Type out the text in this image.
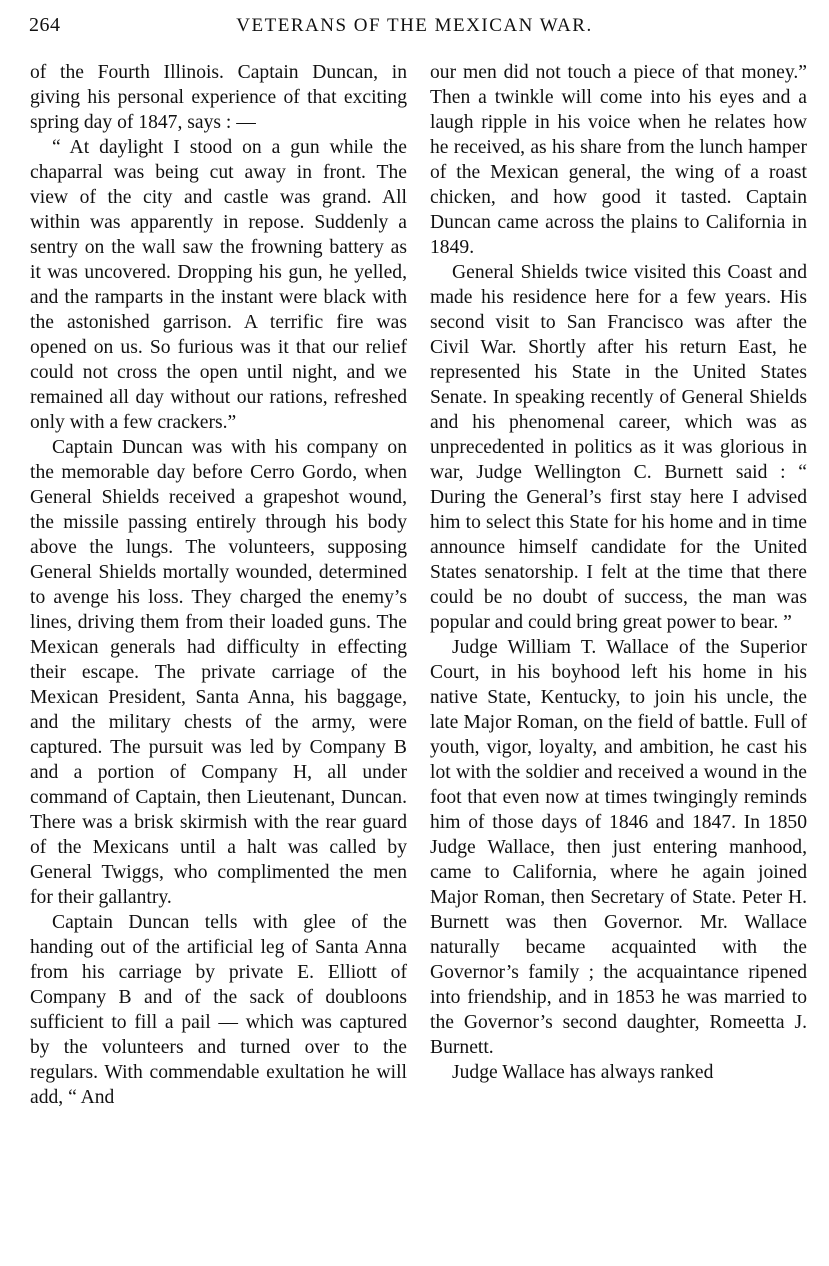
264	VETERANS OF THE MEXICAN WAR.

of the Fourth Illinois. Captain Duncan, in giving his personal experience of that exciting spring day of 1847, says : —

“ At daylight I stood on a gun while the chaparral was being cut away in front. The view of the city and castle was grand. All within was apparently in repose. Suddenly a sentry on the wall saw the frowning battery as it was uncovered. Dropping his gun, he yelled, and the ramparts in the instant were black with the astonished garrison. A terrific fire was opened on us. So furious was it that our relief could not cross the open until night, and we remained all day without our rations, refreshed only with a few crackers.”

Captain Duncan was with his company on the memorable day before Cerro Gordo, when General Shields received a grapeshot wound, the missile passing entirely through his body above the lungs. The volunteers, supposing General Shields mortally wounded, determined to avenge his loss. They charged the enemy’s lines, driving them from their loaded guns. The Mexican generals had difficulty in effecting their escape. The private carriage of the Mexican President, Santa Anna, his baggage, and the military chests of the army, were captured. The pursuit was led by Company B and a portion of Company H, all under command of Captain, then Lieutenant, Duncan. There was a brisk skirmish with the rear guard of the Mexicans until a halt was called by General Twiggs, who complimented the men for their gallantry.

Captain Duncan tells with glee of the handing out of the artificial leg of Santa Anna from his carriage by private E. Elliott of Company B and of the sack of doubloons sufficient to fill a pail — which was captured by the volunteers and turned over to the regulars. With commendable exultation he will add, “ And

our men did not touch a piece of that money.” Then a twinkle will come into his eyes and a laugh ripple in his voice when he relates how he received, as his share from the lunch hamper of the Mexican general, the wing of a roast chicken, and how good it tasted. Captain Duncan came across the plains to California in 1849.

General Shields twice visited this Coast and made his residence here for a few years. His second visit to San Francisco was after the Civil War. Shortly after his return East, he represented his State in the United States Senate. In speaking recently of General Shields and his phenomenal career, which was as unprecedented in politics as it was glorious in war, Judge Wellington C. Burnett said : “ During the General’s first stay here I advised him to select this State for his home and in time announce himself candidate for the United States senatorship. I felt at the time that there could be no doubt of success, the man was popular and could bring great power to bear. ”

Judge William T. Wallace of the Superior Court, in his boyhood left his home in his native State, Kentucky, to join his uncle, the late Major Roman, on the field of battle. Full of youth, vigor, loyalty, and ambition, he cast his lot with the soldier and received a wound in the foot that even now at times twingingly reminds him of those days of 1846 and 1847. In 1850 Judge Wallace, then just entering manhood, came to California, where he again joined Major Roman, then Secretary of State. Peter H. Burnett was then Governor. Mr. Wallace naturally became acquainted with the Governor’s family ; the acquaintance ripened into friendship, and in 1853 he was married to the Governor’s second daughter, Romeetta J. Burnett.

Judge Wallace has always ranked
